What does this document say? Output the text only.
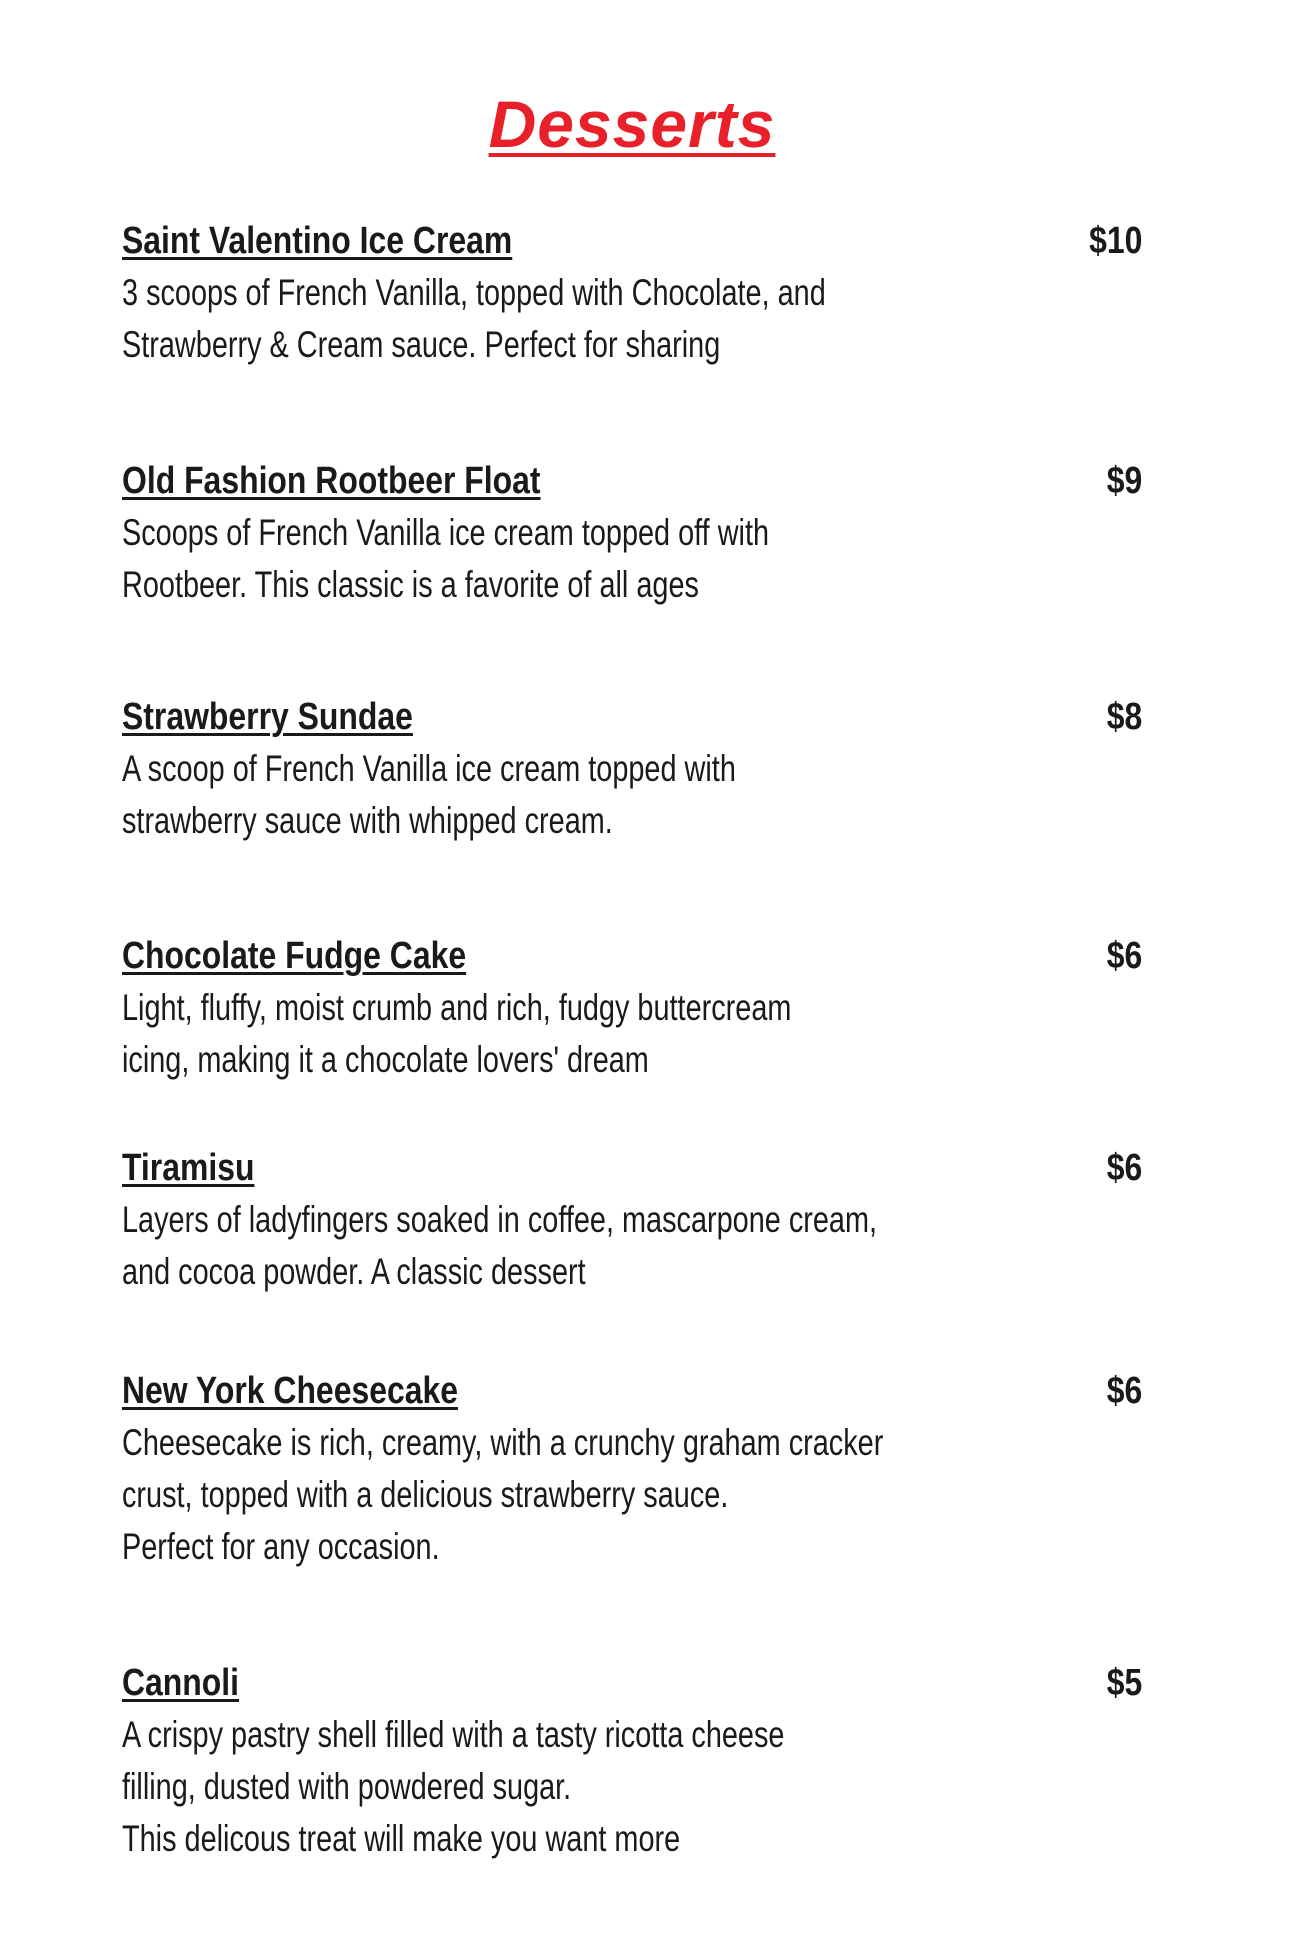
Desserts
Saint Valentino Ice Cream	$10
3 scoops of French Vanilla, topped with Chocolate, and
Strawberry & Cream sauce. Perfect for sharing
Old Fashion Rootbeer Float	$9
Scoops of French Vanilla ice cream topped off with
Rootbeer. This classic is a favorite of all ages
Strawberry Sundae	$8
A scoop of French Vanilla ice cream topped with
strawberry sauce with whipped cream.
Chocolate Fudge Cake	$6
Light, fluffy, moist crumb and rich, fudgy buttercream
icing, making it a chocolate lovers' dream
Tiramisu	$6
Layers of ladyfingers soaked in coffee, mascarpone cream,
and cocoa powder. A classic dessert
New York Cheesecake	$6
Cheesecake is rich, creamy, with a crunchy graham cracker
crust, topped with a delicious strawberry sauce.
Perfect for any occasion.
Cannoli	$5
A crispy pastry shell filled with a tasty ricotta cheese
filling, dusted with powdered sugar.
This delicous treat will make you want more
